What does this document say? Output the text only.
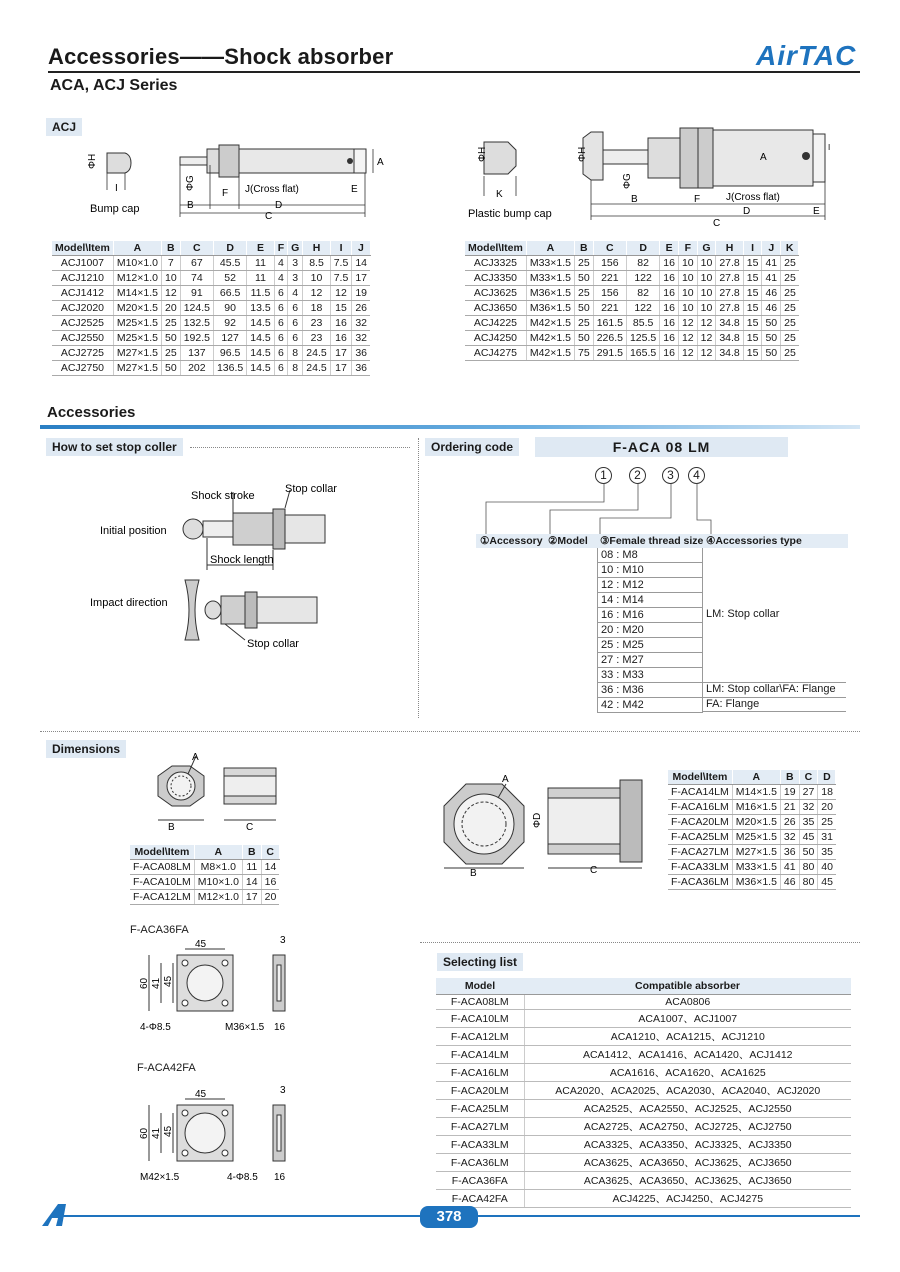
Accessories——Shock absorber
ACA, ACJ Series
AirTAC
ACJ
ΦH
I
Bump cap
ΦG
F J(Cross flat)
B	D
E
C
A
ΦH	ΦH
K
Plastic bump cap
ΦG
B	F	J(Cross flat)
D	E
C
A
I
Model\Item	A	B	C	D	E	F	G	H	I	J
ACJ1007	M10×1.0	7	67	45.5	11	4	3	8.5	7.5	14
ACJ1210	M12×1.0	10	74	52	11	4	3	10	7.5	17
ACJ1412	M14×1.5	12	91	66.5	11.5	6	4	12	12	19
ACJ2020	M20×1.5	20	124.5	90	13.5	6	6	18	15	26
ACJ2525	M25×1.5	25	132.5	92	14.5	6	6	23	16	32
ACJ2550	M25×1.5	50	192.5	127	14.5	6	6	23	16	32
ACJ2725	M27×1.5	25	137	96.5	14.5	6	8	24.5	17	36
ACJ2750	M27×1.5	50	202	136.5	14.5	6	8	24.5	17	36
Model\Item	A	B	C	D	E	F	G	H	I	J	K
ACJ3325	M33×1.5	25	156	82	16	10	10	27.8	15	41	25
ACJ3350	M33×1.5	50	221	122	16	10	10	27.8	15	41	25
ACJ3625	M36×1.5	25	156	82	16	10	10	27.8	15	46	25
ACJ3650	M36×1.5	50	221	122	16	10	10	27.8	15	46	25
ACJ4225	M42×1.5	25	161.5	85.5	16	12	12	34.8	15	50	25
ACJ4250	M42×1.5	50	226.5	125.5	16	12	12	34.8	15	50	25
ACJ4275	M42×1.5	75	291.5	165.5	16	12	12	34.8	15	50	25
Accessories
How to set stop coller
Shock stroke
Stop collar
Initial position
Shock length
Impact direction
Stop collar
Ordering code	F-ACA 08 LM
1	2	3	4
①Accessory ②Model ③Female thread size ④Accessories type
08 : M8
10 : M10
12 : M12
14 : M14
16 : M16
20 : M20
25 : M25
27 : M27
33 : M33
36 : M36
42 : M42
LM: Stop collar
LM: Stop collar\FA: Flange
FA: Flange
Dimensions
A
B	C
Model\Item	A	B	C
F-ACA08LM	M8×1.0	11	14
F-ACA10LM	M10×1.0	14	16
F-ACA12LM	M12×1.0	17	20
A
B	C
ΦD
Model\Item	A	B	C	D
F-ACA14LM	M14×1.5	19	27	18
F-ACA16LM	M16×1.5	21	32	20
F-ACA20LM	M20×1.5	26	35	25
F-ACA25LM	M25×1.5	32	45	31
F-ACA27LM	M27×1.5	36	50	35
F-ACA33LM	M33×1.5	41	80	40
F-ACA36LM	M36×1.5	46	80	45
F-ACA36FA
45
60 41 45
4-Φ8.5	M36×1.5
3
16
F-ACA42FA
45
60 41 45
M42×1.5	4-Φ8.5
3
16
Selecting list
Model	Compatible absorber
F-ACA08LM	ACA0806
F-ACA10LM	ACA1007、ACJ1007
F-ACA12LM	ACA1210、ACA1215、ACJ1210
F-ACA14LM	ACA1412、ACA1416、ACA1420、ACJ1412
F-ACA16LM	ACA1616、ACA1620、ACA1625
F-ACA20LM	ACA2020、ACA2025、ACA2030、ACA2040、ACJ2020
F-ACA25LM	ACA2525、ACA2550、ACJ2525、ACJ2550
F-ACA27LM	ACA2725、ACA2750、ACJ2725、ACJ2750
F-ACA33LM	ACA3325、ACA3350、ACJ3325、ACJ3350
F-ACA36LM	ACA3625、ACA3650、ACJ3625、ACJ3650
F-ACA36FA	ACA3625、ACA3650、ACJ3625、ACJ3650
F-ACA42FA	ACJ4225、ACJ4250、ACJ4275
378
